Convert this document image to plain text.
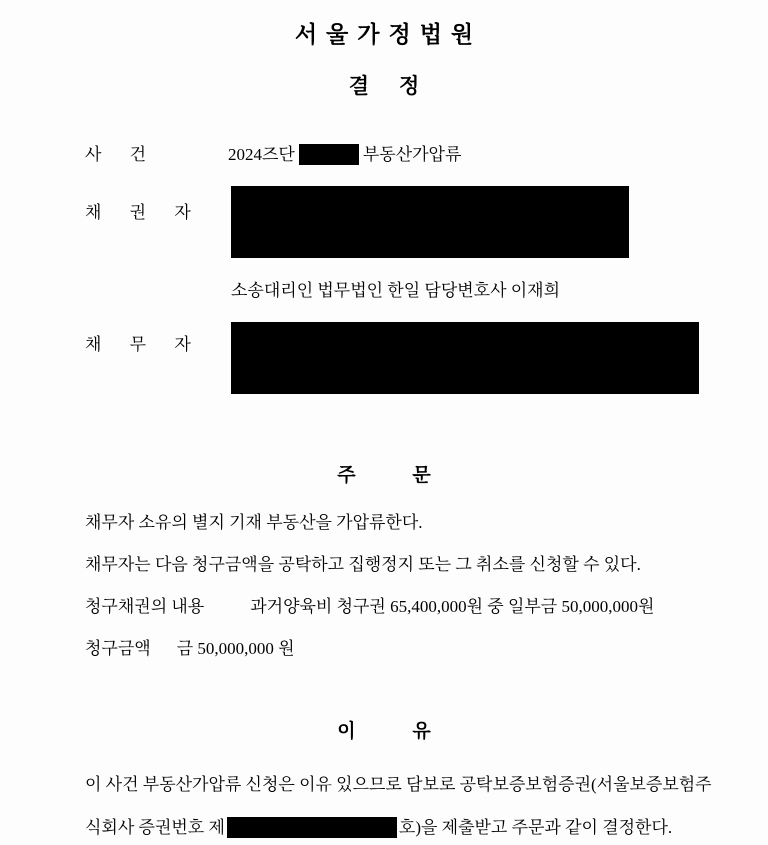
서울가정법원
결정
사 건	2024즈단	부동산가압류
채 권 자
소송대리인 법무법인 한일 담당변호사 이재희
채 무 자
주 문
채무자 소유의 별지 기재 부동산을 가압류한다.
채무자는 다음 청구금액을 공탁하고 집행정지 또는 그 취소를 신청할 수 있다.
청구채권의 내용	과거양육비 청구권 65,400,000원 중 일부금 50,000,000원
청구금액 금 50,000,000 원
이 유
이 사건 부동산가압류 신청은 이유 있으므로 담보로 공탁보증보험증권(서울보증보험주
식회사 증권번호 제	호)을 제출받고 주문과 같이 결정한다.
